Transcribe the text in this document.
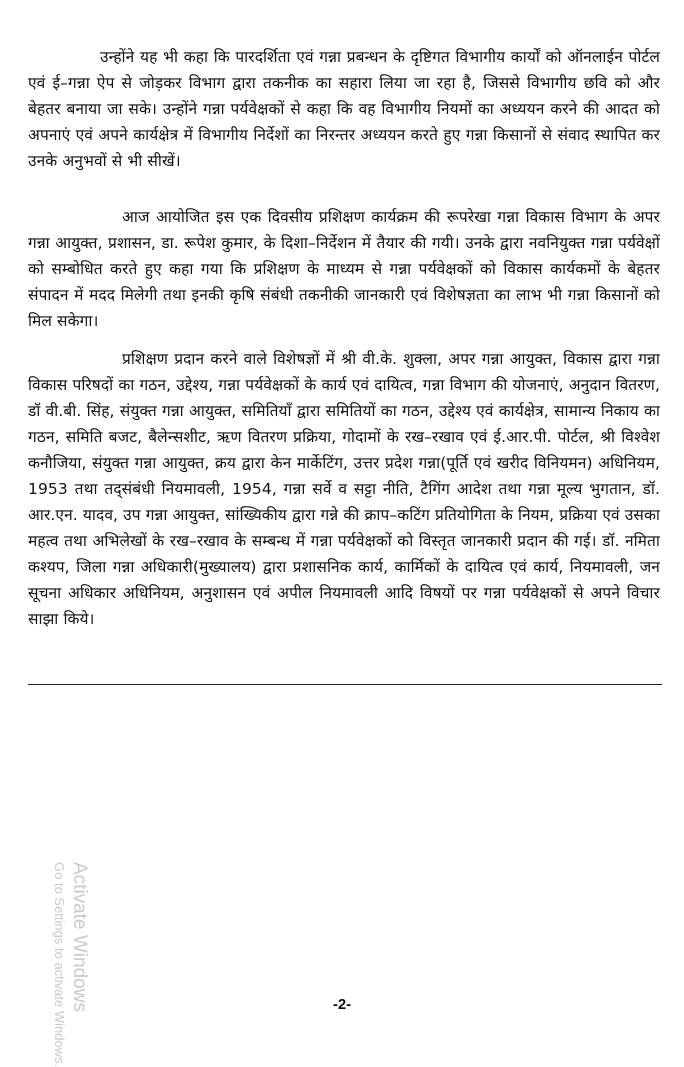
उन्होंने यह भी कहा कि पारदर्शिता एवं गन्ना प्रबन्धन के दृष्टिगत विभागीय कार्यों को ऑनलाईन पोर्टल एवं ई–गन्ना ऐप से जोड़कर विभाग द्वारा तकनीक का सहारा लिया जा रहा है, जिससे विभागीय छवि को और बेहतर बनाया जा सके। उन्होंने गन्ना पर्यवेक्षकों से कहा कि वह विभागीय नियमों का अध्ययन करने की आदत को अपनाएं एवं अपने कार्यक्षेत्र में विभागीय निर्देशों का निरन्तर अध्ययन करते हुए गन्ना किसानों से संवाद स्थापित कर उनके अनुभवों से भी सीखें।

आज आयोजित इस एक दिवसीय प्रशिक्षण कार्यक्रम की रूपरेखा गन्ना विकास विभाग के अपर गन्ना आयुक्त, प्रशासन, डा. रूपेश कुमार, के दिशा–निर्देशन में तैयार की गयी। उनके द्वारा नवनियुक्त गन्ना पर्यवेक्षों को सम्बोधित करते हुए कहा गया कि प्रशिक्षण के माध्यम से गन्ना पर्यवेक्षकों को विकास कार्यकमों के बेहतर संपादन में मदद मिलेगी तथा इनकी कृषि संबंधी तकनीकी जानकारी एवं विशेषज्ञता का लाभ भी गन्ना किसानों को मिल सकेगा।

प्रशिक्षण प्रदान करने वाले विशेषज्ञों में श्री वी.के. शुक्ला, अपर गन्ना आयुक्त, विकास द्वारा गन्ना विकास परिषदों का गठन, उद्देश्य, गन्ना पर्यवेक्षकों के कार्य एवं दायित्व, गन्ना विभाग की योजनाएं, अनुदान वितरण, डॉ वी.बी. सिंह, संयुक्त गन्ना आयुक्त, समितियाँ द्वारा समितियों का गठन, उद्देश्य एवं कार्यक्षेत्र, सामान्य निकाय का गठन, समिति बजट, बैलेन्सशीट, ऋण वितरण प्रक्रिया, गोदामों के रख–रखाव एवं ई.आर.पी. पोर्टल, श्री विश्वेश कनौजिया, संयुक्त गन्ना आयुक्त, क्रय द्वारा केन मार्केटिंग, उत्तर प्रदेश गन्ना(पूर्ति एवं खरीद विनियमन) अधिनियम, 1953 तथा तद्संबंधी नियमावली, 1954, गन्ना सर्वे व सट्टा नीति, टैगिंग आदेश तथा गन्ना मूल्य भुगतान, डॉ. आर.एन. यादव, उप गन्ना आयुक्त, सांख्यिकीय द्वारा गन्ने की क्राप–कटिंग प्रतियोगिता के नियम, प्रक्रिया एवं उसका महत्व तथा अभिलेखों के रख–रखाव के सम्बन्ध में गन्ना पर्यवेक्षकों को विस्तृत जानकारी प्रदान की गई। डॉ. नमिता कश्यप, जिला गन्ना अधिकारी(मुख्यालय) द्वारा प्रशासनिक कार्य, कार्मिकों के दायित्व एवं कार्य, नियमावली, जन सूचना अधिकार अधिनियम, अनुशासन एवं अपील नियमावली आदि विषयों पर गन्ना पर्यवेक्षकों से अपने विचार साझा किये।

Activate Windows
Go to Settings to activate Windows.	-2-
